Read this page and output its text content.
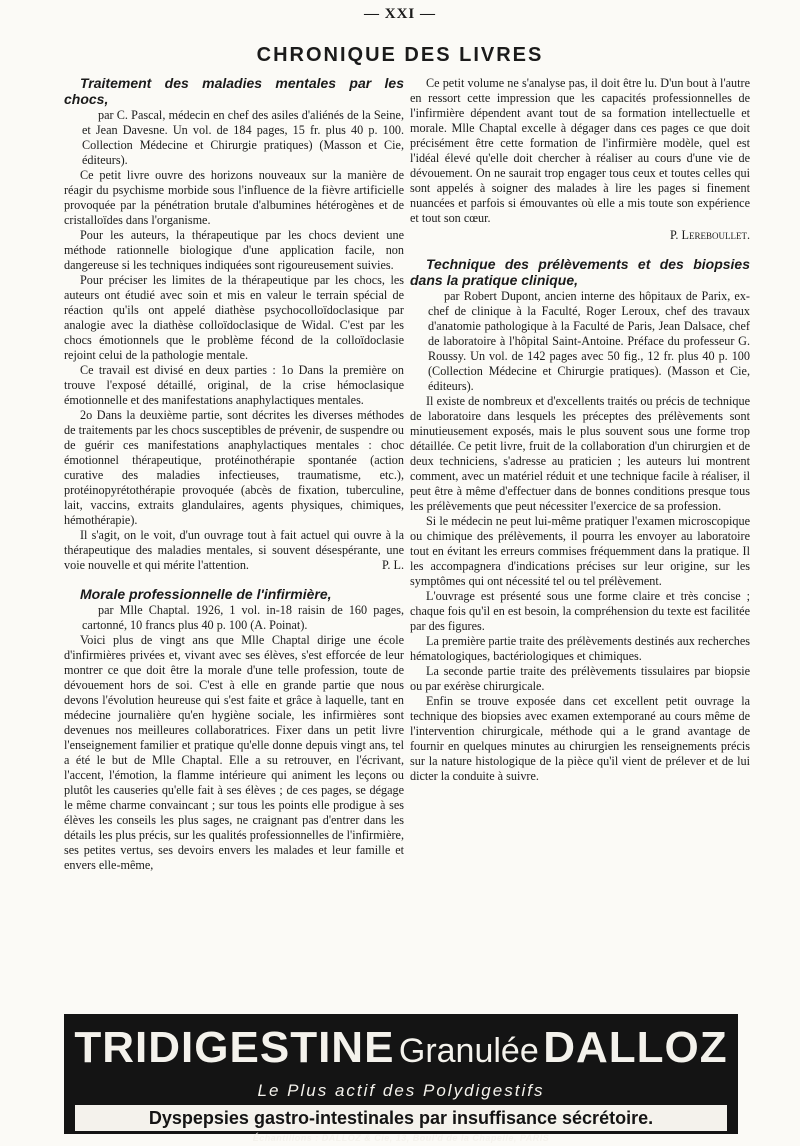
— XXI —
CHRONIQUE DES LIVRES

Traitement des maladies mentales par les chocs,

par C. Pascal, médecin en chef des asiles d'aliénés de la Seine, et Jean Davesne. Un vol. de 184 pages, 15 fr. plus 40 p. 100. Collection Médecine et Chirurgie pratiques) (Masson et Cie, éditeurs).

Ce petit livre ouvre des horizons nouveaux sur la manière de réagir du psychisme morbide sous l'influence de la fièvre artificielle provoquée par la pénétration brutale d'albumines hétérogènes et de cristalloïdes dans l'organisme.

Pour les auteurs, la thérapeutique par les chocs devient une méthode rationnelle biologique d'une application facile, non dangereuse si les techniques indiquées sont rigoureusement suivies.

Pour préciser les limites de la thérapeutique par les chocs, les auteurs ont étudié avec soin et mis en valeur le terrain spécial de réaction qu'ils ont appelé diathèse psychocolloïdoclasique par analogie avec la diathèse colloïdoclasique de Widal. C'est par les chocs émotionnels que le problème fécond de la colloïdoclasie rejoint celui de la pathologie mentale.

Ce travail est divisé en deux parties : 1o Dans la première on trouve l'exposé détaillé, original, de la crise hémoclasique émotionnelle et des manifestations anaphylactiques mentales.

2o Dans la deuxième partie, sont décrites les diverses méthodes de traitements par les chocs susceptibles de prévenir, de suspendre ou de guérir ces manifestations anaphylactiques mentales : choc émotionnel thérapeutique, protéinothérapie spontanée (action curative des maladies infectieuses, traumatisme, etc.), protéinopyrétothérapie provoquée (abcès de fixation, tuberculine, lait, vaccins, extraits glandulaires, agents physiques, chimiques, hémothérapie).

Il s'agit, on le voit, d'un ouvrage tout à fait actuel qui ouvre à la thérapeutique des maladies mentales, si souvent désespérante, une voie nouvelle et qui mérite l'attention.	P. L.

Morale professionnelle de l'infirmière,

par Mlle Chaptal. 1926, 1 vol. in-18 raisin de 160 pages, cartonné, 10 francs plus 40 p. 100 (A. Poinat).

Voici plus de vingt ans que Mlle Chaptal dirige une école d'infirmières privées et, vivant avec ses élèves, s'est efforcée de leur montrer ce que doit être la morale d'une telle profession, toute de dévouement hors de soi. C'est à elle en grande partie que nous devons l'évolution heureuse qui s'est faite et grâce à laquelle, tant en médecine journalière qu'en hygiène sociale, les infirmières sont devenues nos meilleures collaboratrices. Fixer dans un petit livre l'enseignement familier et pratique qu'elle donne depuis vingt ans, tel a été le but de Mlle Chaptal. Elle a su retrouver, en l'écrivant, l'accent, l'émotion, la flamme intérieure qui animent les leçons ou plutôt les causeries qu'elle fait à ses élèves ; de ces pages, se dégage le même charme convaincant ; sur tous les points elle prodigue à ses élèves les conseils les plus sages, ne craignant pas d'entrer dans les détails les plus précis, sur les qualités professionnelles de l'infirmière, ses petites vertus, ses devoirs envers les malades et leur famille et envers elle-même,

Ce petit volume ne s'analyse pas, il doit être lu. D'un bout à l'autre en ressort cette impression que les capacités professionnelles de l'infirmière dépendent avant tout de sa formation intellectuelle et morale. Mlle Chaptal excelle à dégager dans ces pages ce que doit précisément être cette formation de l'infirmière modèle, quel est l'idéal élevé qu'elle doit chercher à réaliser au cours d'une vie de dévouement. On ne saurait trop engager tous ceux et toutes celles qui sont appelés à soigner des malades à lire les pages si finement nuancées et parfois si émouvantes où elle a mis toute son expérience et tout son cœur.

P. Lereboullet.

Technique des prélèvements et des biopsies dans la pratique clinique,

par Robert Dupont, ancien interne des hôpitaux de Parix, ex-chef de clinique à la Faculté, Roger Leroux, chef des travaux d'anatomie pathologique à la Faculté de Paris, Jean Dalsace, chef de laboratoire à l'hôpital Saint-Antoine. Préface du professeur G. Roussy. Un vol. de 142 pages avec 50 fig., 12 fr. plus 40 p. 100 (Collection Médecine et Chirurgie pratiques). (Masson et Cie, éditeurs).

Il existe de nombreux et d'excellents traités ou précis de technique de laboratoire dans lesquels les préceptes des prélèvements sont minutieusement exposés, mais le plus souvent sous une forme trop détaillée. Ce petit livre, fruit de la collaboration d'un chirurgien et de deux techniciens, s'adresse au praticien ; les auteurs lui montrent comment, avec un matériel réduit et une technique facile à réaliser, il peut être à même d'effectuer dans de bonnes conditions presque tous les prélèvements que peut nécessiter l'exercice de sa profession.

Si le médecin ne peut lui-même pratiquer l'examen microscopique ou chimique des prélèvements, il pourra les envoyer au laboratoire tout en évitant les erreurs commises fréquemment dans la pratique. Il les accompagnera d'indications précises sur leur origine, sur les symptômes qui ont nécessité tel ou tel prélèvement.

L'ouvrage est présenté sous une forme claire et très concise ; chaque fois qu'il en est besoin, la compréhension du texte est facilitée par des figures.

La première partie traite des prélèvements destinés aux recherches hématologiques, bactériologiques et chimiques.

La seconde partie traite des prélèvements tissulaires par biopsie ou par exérèse chirurgicale.

Enfin se trouve exposée dans cet excellent petit ouvrage la technique des biopsies avec examen extemporané au cours même de l'intervention chirurgicale, méthode qui a le grand avantage de fournir en quelques minutes au chirurgien les renseignements précis sur la nature histologique de la pièce qu'il vient de prélever et de lui dicter la conduite à suivre.

TRIDIGESTINE Granulée DALLOZ
Le Plus actif des Polydigestifs
Dyspepsies gastro-intestinales par insuffisance sécrétoire.
Échantillons : DALLOZ & Cie, 13, Boul'd de la Chapelle, PARIS
